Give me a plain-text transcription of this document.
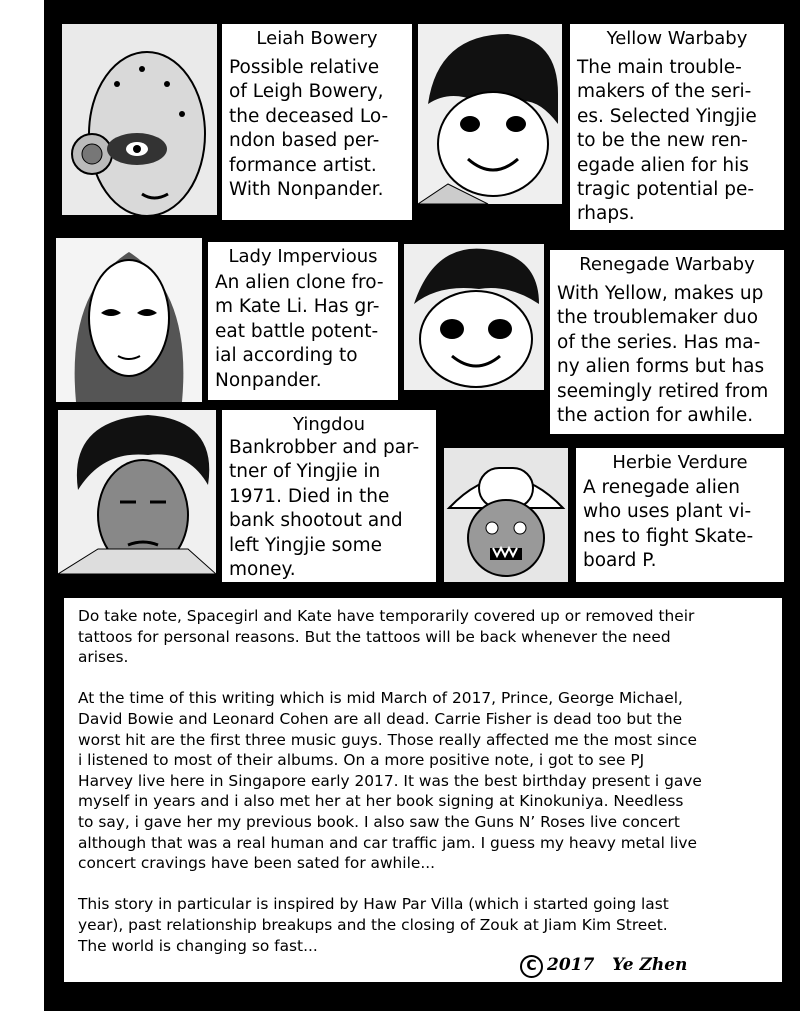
Leiah Bowery
Possible relative
of Leigh Bowery,
the deceased Lo-
ndon based per-
formance artist.
With Nonpander.
Yellow Warbaby
The main trouble-
makers of the seri-
es. Selected Yingjie
to be the new ren-
egade alien for his
tragic potential pe-
rhaps.
Lady Impervious
An alien clone fro-
m Kate Li. Has gr-
eat battle potent-
ial according to
Nonpander.
Renegade Warbaby
With Yellow, makes up
the troublemaker duo
of the series. Has ma-
ny alien forms but has
seemingly retired from
the action for awhile.
Yingdou
Bankrobber and par-
tner of Yingjie in
1971. Died in the
bank shootout and
left Yingjie some
money.
Herbie Verdure
A renegade alien
who uses plant vi-
nes to fight Skate-
board P.

Do take note, Spacegirl and Kate have temporarily covered up or removed their
tattoos for personal reasons. But the tattoos will be back whenever the need
arises.

At the time of this writing which is mid March of 2017, Prince, George Michael,
David Bowie and Leonard Cohen are all dead. Carrie Fisher is dead too but the
worst hit are the first three music guys. Those really affected me the most since
i listened to most of their albums. On a more positive note, i got to see PJ
Harvey live here in Singapore early 2017. It was the best birthday present i gave
myself in years and i also met her at her book signing at Kinokuniya. Needless
to say, i gave her my previous book. I also saw the Guns N’ Roses live concert
although that was a real human and car traffic jam. I guess my heavy metal live
concert cravings have been sated for awhile...

This story in particular is inspired by Haw Par Villa (which i started going last
year), past relationship breakups and the closing of Zouk at Jiam Kim Street.
The world is changing so fast...

C 2017   Ye Zhen
